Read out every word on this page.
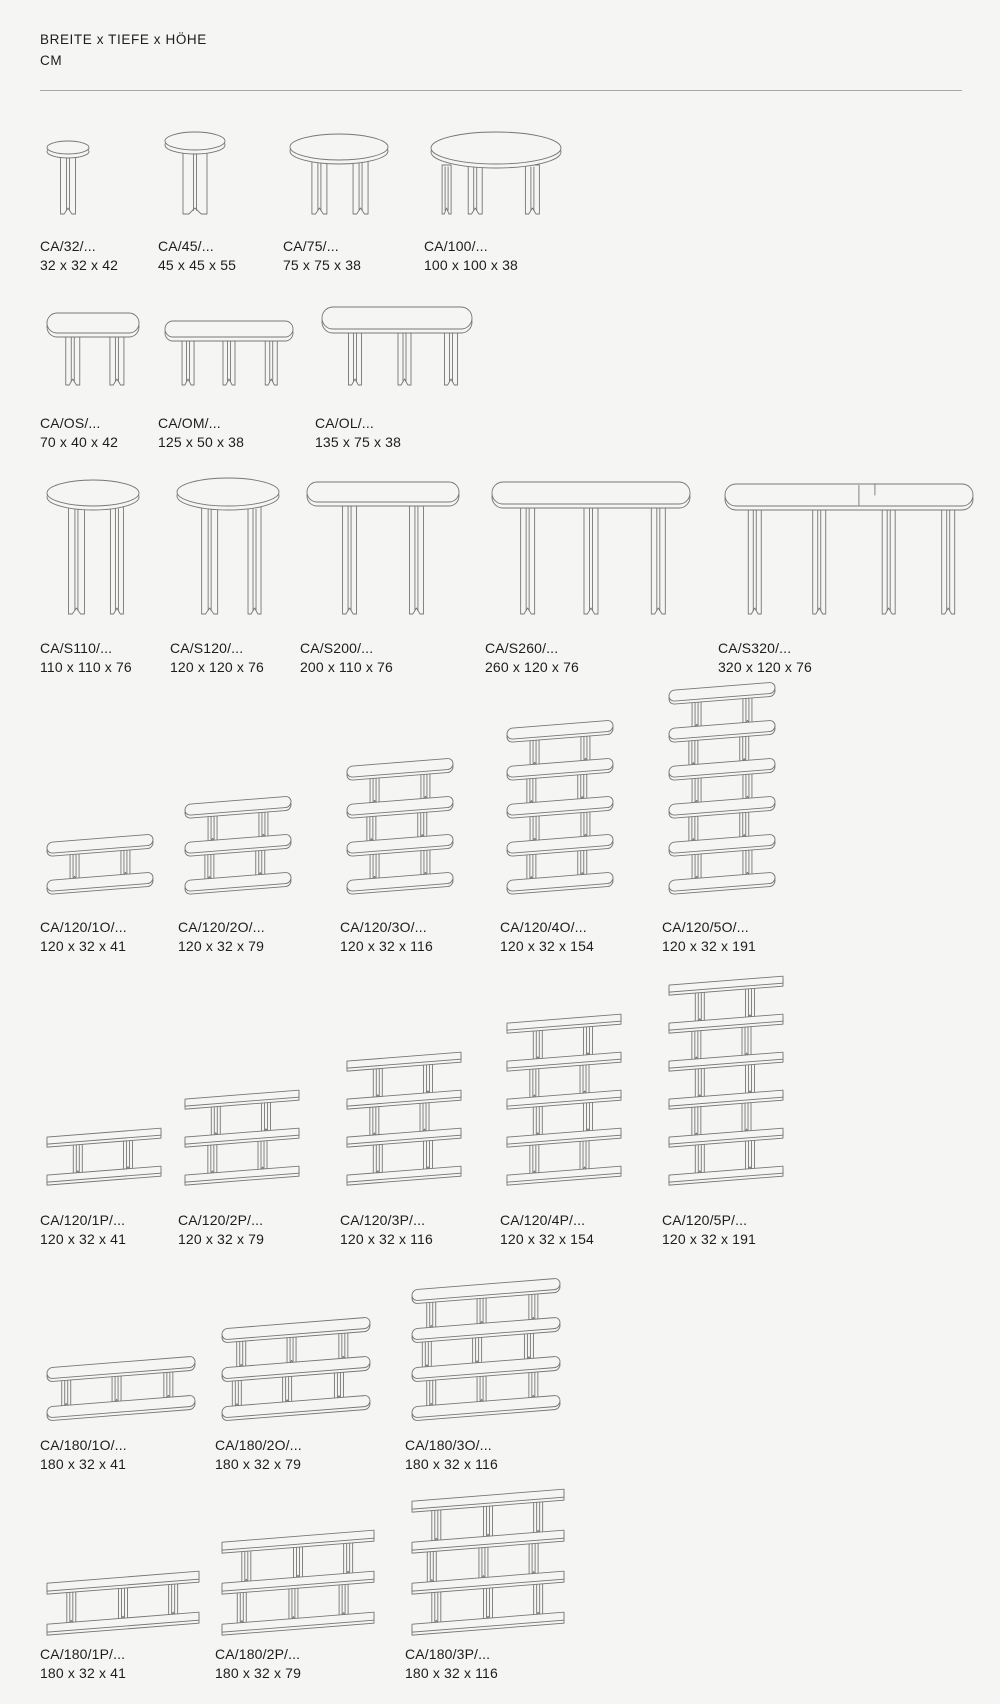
BREITE x TIEFE x HÖHE
CM
CA/32/...
32 x 32 x 42
CA/45/...
45 x 45 x 55
CA/75/...
75 x 75 x 38
CA/100/...
100 x 100 x 38
CA/OS/...
70 x 40 x 42
CA/OM/...
125 x 50 x 38
CA/OL/...
135 x 75 x 38
CA/S110/...
110 x 110 x 76
CA/S120/...
120 x 120 x 76
CA/S200/...
200 x 110 x 76
CA/S260/...
260 x 120 x 76
CA/S320/...
320 x 120 x 76
CA/120/1O/...
120 x 32 x 41
CA/120/2O/...
120 x 32 x 79
CA/120/3O/...
120 x 32 x 116
CA/120/4O/...
120 x 32 x 154
CA/120/5O/...
120 x 32 x 191
CA/120/1P/...
120 x 32 x 41
CA/120/2P/...
120 x 32 x 79
CA/120/3P/...
120 x 32 x 116
CA/120/4P/...
120 x 32 x 154
CA/120/5P/...
120 x 32 x 191
CA/180/1O/...
180 x 32 x 41
CA/180/2O/...
180 x 32 x 79
CA/180/3O/...
180 x 32 x 116
CA/180/1P/...
180 x 32 x 41
CA/180/2P/...
180 x 32 x 79
CA/180/3P/...
180 x 32 x 116
